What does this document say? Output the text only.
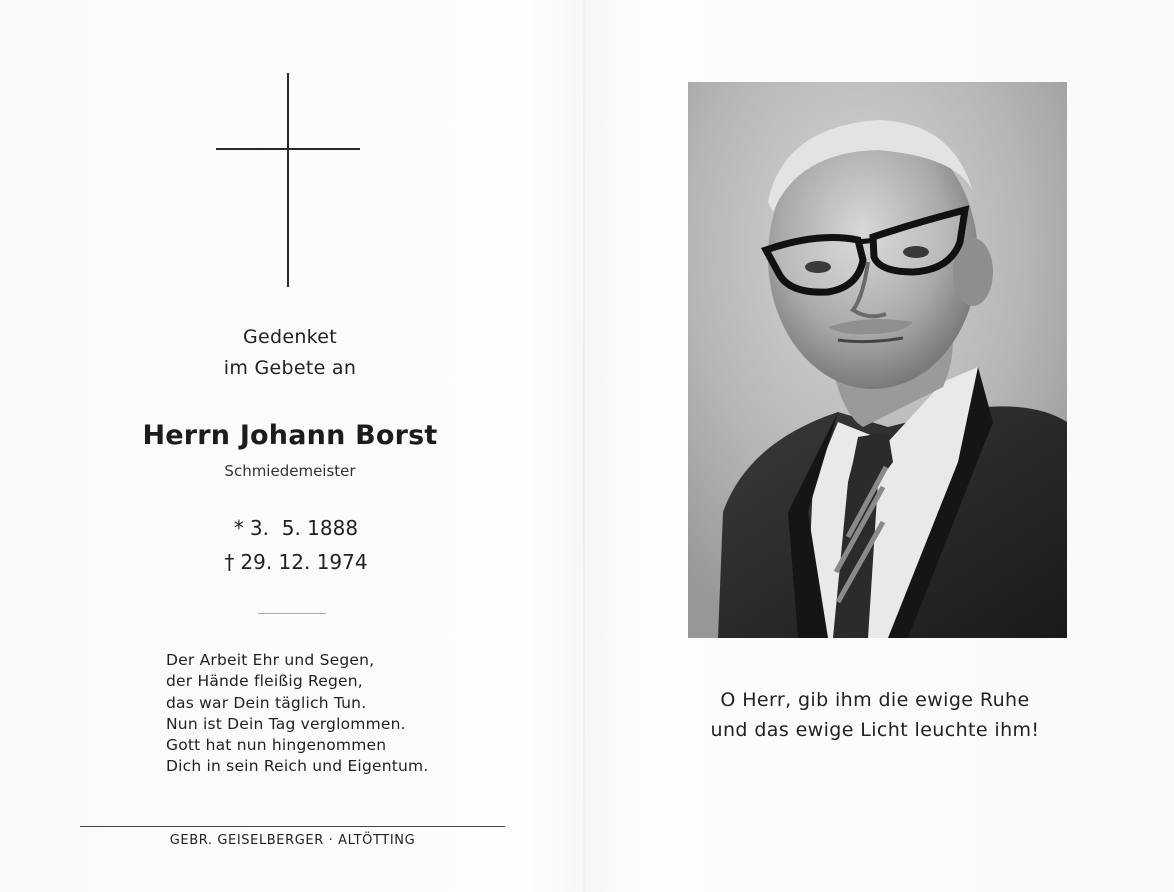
Gedenket
im Gebete an
Herrn Johann Borst
Schmiedemeister
* 3.  5. 1888
† 29. 12. 1974
Der Arbeit Ehr und Segen,
der Hände fleißig Regen,
das war Dein täglich Tun.
Nun ist Dein Tag verglommen.
Gott hat nun hingenommen
Dich in sein Reich und Eigentum.
GEBR. GEISELBERGER · ALTÖTTING
O Herr, gib ihm die ewige Ruhe
und das ewige Licht leuchte ihm!
